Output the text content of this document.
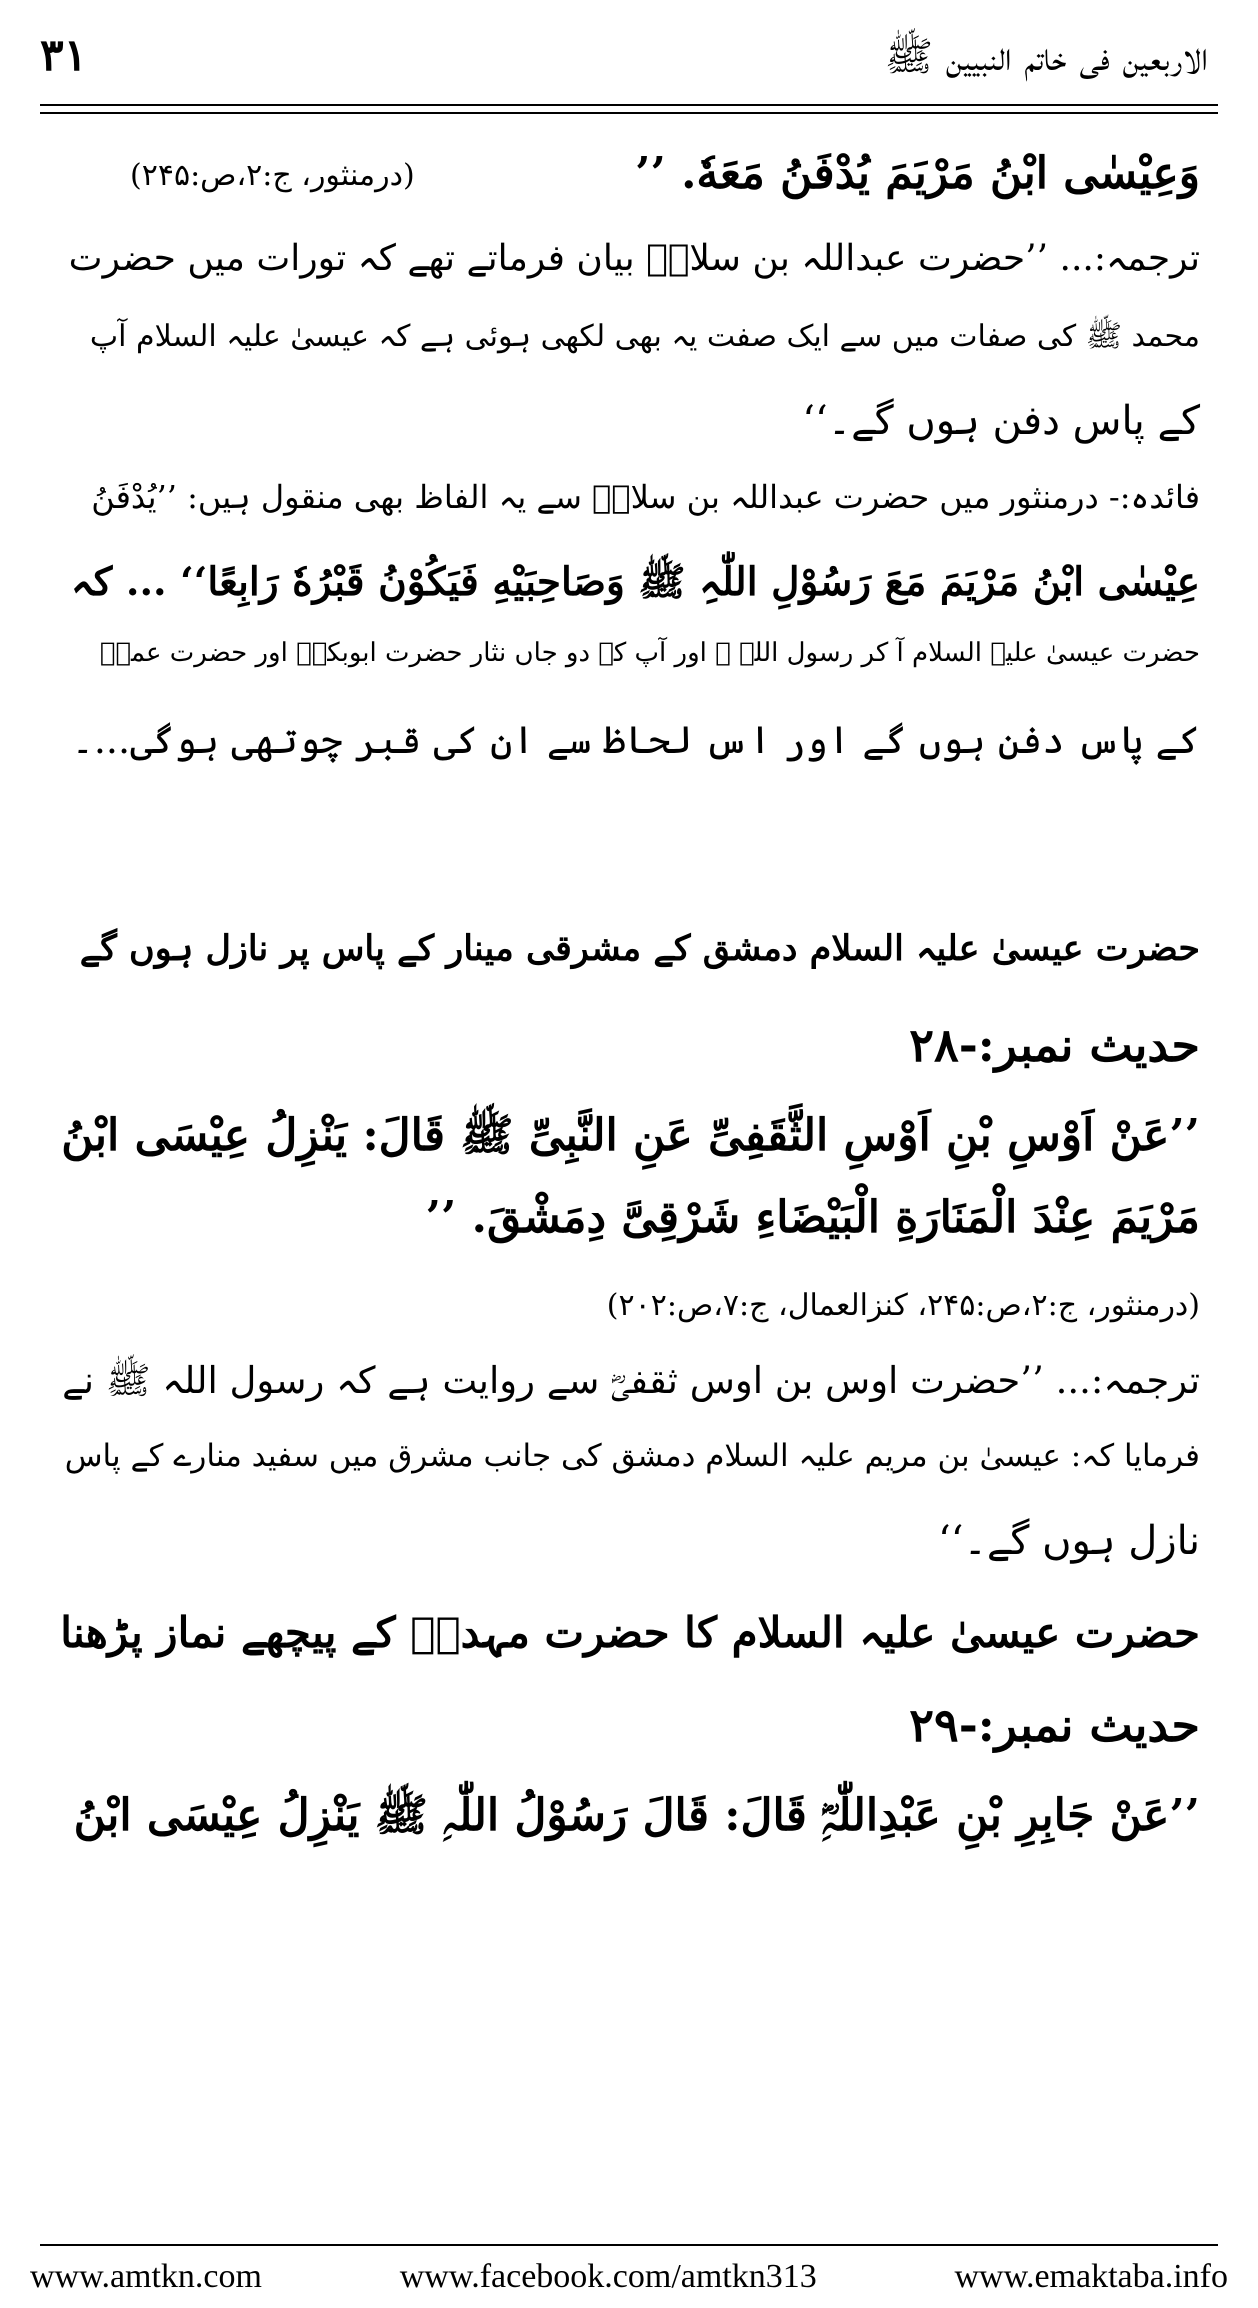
الاربعین فی خاتم النبیین ﷺ
۳۱
وَعِیْسٰی ابْنُ مَرْیَمَ یُدْفَنُ مَعَهٗ. ’’
(درمنثور، ج:۲،ص:۲۴۵)
ترجمہ:... ’’حضرت عبداللہ بن سلامؓ بیان فرماتے تھے کہ تورات میں حضرت
محمد ﷺ کی صفات میں سے ایک صفت یہ بھی لکھی ہوئی ہے کہ عیسیٰ علیہ السلام آپ
کے پاس دفن ہوں گے۔‘‘
فائدہ:- درمنثور میں حضرت عبداللہ بن سلامؓ سے یہ الفاظ بھی منقول ہیں: ’’یُدْفَنُ
عِیْسٰی ابْنُ مَرْیَمَ مَعَ رَسُوْلِ اللّٰہِ ﷺ وَصَاحِبَیْهِ فَیَکُوْنُ قَبْرُهٗ رَابِعًا‘‘ ... کہ
حضرت عیسیٰ علیہ السلام آ کر رسول اللہ ﷺ اور آپ کے دو جاں نثار حضرت ابوبکرؓ اور حضرت عمرؓ
کے پاس دفن ہوں گے اور اس لحاظ سے ان کی قبر چوتھی ہوگی...۔
حضرت عیسیٰ علیہ السلام دمشق کے مشرقی مینار کے پاس پر نازل ہوں گے
حدیث نمبر:-۲۸
’’عَنْ اَوْسِ بْنِ اَوْسِ الثَّقَفِیِّ عَنِ النَّبِیِّ ﷺ قَالَ: یَنْزِلُ عِیْسَی ابْنُ
مَرْیَمَ عِنْدَ الْمَنَارَةِ الْبَیْضَاءِ شَرْقِیَّ دِمَشْقَ. ’’
(درمنثور، ج:۲،ص:۲۴۵، کنزالعمال، ج:۷،ص:۲۰۲)
ترجمہ:... ’’حضرت اوس بن اوس ثقفیؓ سے روایت ہے کہ رسول اللہ ﷺ نے
فرمایا کہ: عیسیٰ بن مریم علیہ السلام دمشق کی جانب مشرق میں سفید منارے کے پاس
نازل ہوں گے۔‘‘
حضرت عیسیٰ علیہ السلام کا حضرت مہدیؓ کے پیچھے نماز پڑھنا
حدیث نمبر:-۲۹
’’عَنْ جَابِرِ بْنِ عَبْدِاللّٰہِؓ قَالَ: قَالَ رَسُوْلُ اللّٰہِ ﷺ یَنْزِلُ عِیْسَی ابْنُ
www.amtkn.com	www.facebook.com/amtkn313	www.emaktaba.info
